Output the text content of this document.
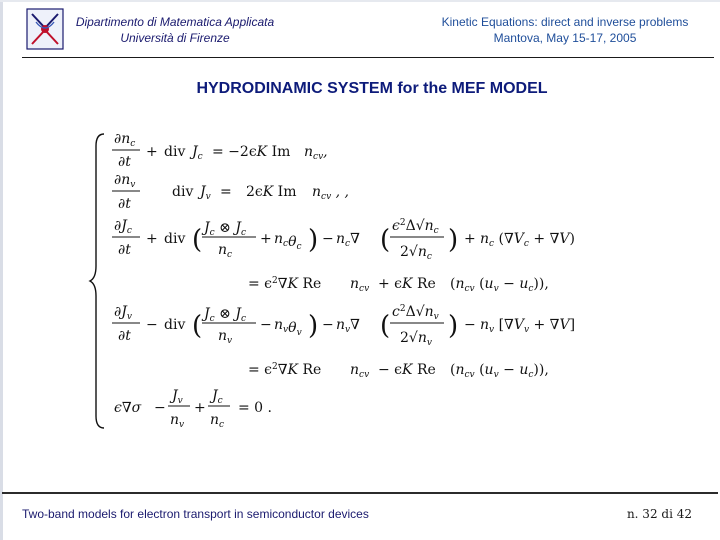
Dipartimento di Matematica Applicata
Università di Firenze
Kinetic Equations: direct and inverse problems
Mantova, May 15-17, 2005
HYDRODINAMIC SYSTEM for the MEF MODEL
$\partial n_c$
∂t
+ div $J_c = -2\epsilon K$ Im $n_{cv}$,
$\partial n_v$
∂t
div $J_v = 2\epsilon K$ Im $n_{cv}$ , ,
$\partial J_c$
∂t
+ div ( $J_c$ ⊗ $J_c$
$n_c$
+ $n_c\theta_c$ ) − $n_c\nabla$ ( $\epsilon^2\Delta√n_c$
$2√n_c$
) + $n_c$ $(\nabla V_c + \nabla V)$
= $\epsilon^2\nabla K$ Re $n_{cv} + \epsilon K$ Re ($n_{cv}$ $(u_v - u_c)$),
$\partial J_v$
∂t
− div ( $J_c$ ⊗ $J_c$
$n_v$
− $n_v\theta_v$ ) − $n_v\nabla$ ( $c^2\Delta√n_v$
$2√n_v$
) − $n_v$ $[\nabla V_v + \nabla V]$
= $\epsilon^2\nabla K$ Re $n_{cv} - \epsilon K$ Re ($n_{cv}$ $(u_v - u_c)$),
ϵ∇σ −
$J_v$
$n_v$
+
$J_c$
$n_c$
= 0 .
Two-band models for electron transport in semiconductor devices	n. 32 di 42
